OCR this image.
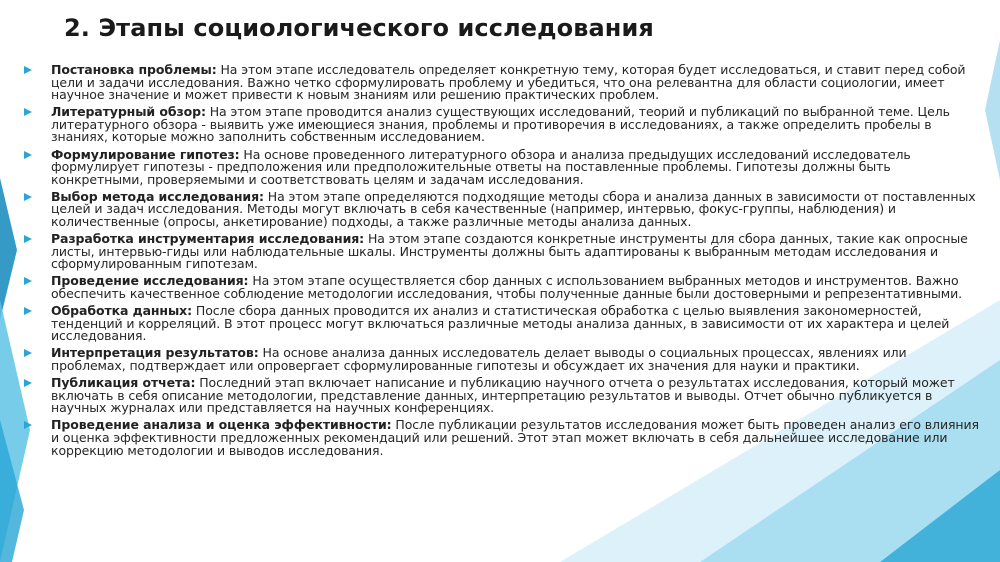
2. Этапы социологического исследования
Постановка проблемы: На этом этапе исследователь определяет конкретную тему, которая будет исследоваться, и ставит перед собой цели и задачи исследования. Важно четко сформулировать проблему и убедиться, что она релевантна для области социологии, имеет научное значение и может привести к новым знаниям или решению практических проблем.
Литературный обзор: На этом этапе проводится анализ существующих исследований, теорий и публикаций по выбранной теме. Цель литературного обзора - выявить уже имеющиеся знания, проблемы и противоречия в исследованиях, а также определить пробелы в знаниях, которые можно заполнить собственным исследованием.
Формулирование гипотез: На основе проведенного литературного обзора и анализа предыдущих исследований исследователь формулирует гипотезы - предположения или предположительные ответы на поставленные проблемы. Гипотезы должны быть конкретными, проверяемыми и соответствовать целям и задачам исследования.
Выбор метода исследования: На этом этапе определяются подходящие методы сбора и анализа данных в зависимости от поставленных целей и задач исследования. Методы могут включать в себя качественные (например, интервью, фокус-группы, наблюдения) и количественные (опросы, анкетирование) подходы, а также различные методы анализа данных.
Разработка инструментария исследования: На этом этапе создаются конкретные инструменты для сбора данных, такие как опросные листы, интервью-гиды или наблюдательные шкалы. Инструменты должны быть адаптированы к выбранным методам исследования и сформулированным гипотезам.
Проведение исследования: На этом этапе осуществляется сбор данных с использованием выбранных методов и инструментов. Важно обеспечить качественное соблюдение методологии исследования, чтобы полученные данные были достоверными и репрезентативными.
Обработка данных: После сбора данных проводится их анализ и статистическая обработка с целью выявления закономерностей, тенденций и корреляций. В этот процесс могут включаться различные методы анализа данных, в зависимости от их характера и целей исследования.
Интерпретация результатов: На основе анализа данных исследователь делает выводы о социальных процессах, явлениях или проблемах, подтверждает или опровергает сформулированные гипотезы и обсуждает их значения для науки и практики.
Публикация отчета: Последний этап включает написание и публикацию научного отчета о результатах исследования, который может включать в себя описание методологии, представление данных, интерпретацию результатов и выводы. Отчет обычно публикуется в научных журналах или представляется на научных конференциях.
Проведение анализа и оценка эффективности: После публикации результатов исследования может быть проведен анализ его влияния и оценка эффективности предложенных рекомендаций или решений. Этот этап может включать в себя дальнейшее исследование или коррекцию методологии и выводов исследования.
